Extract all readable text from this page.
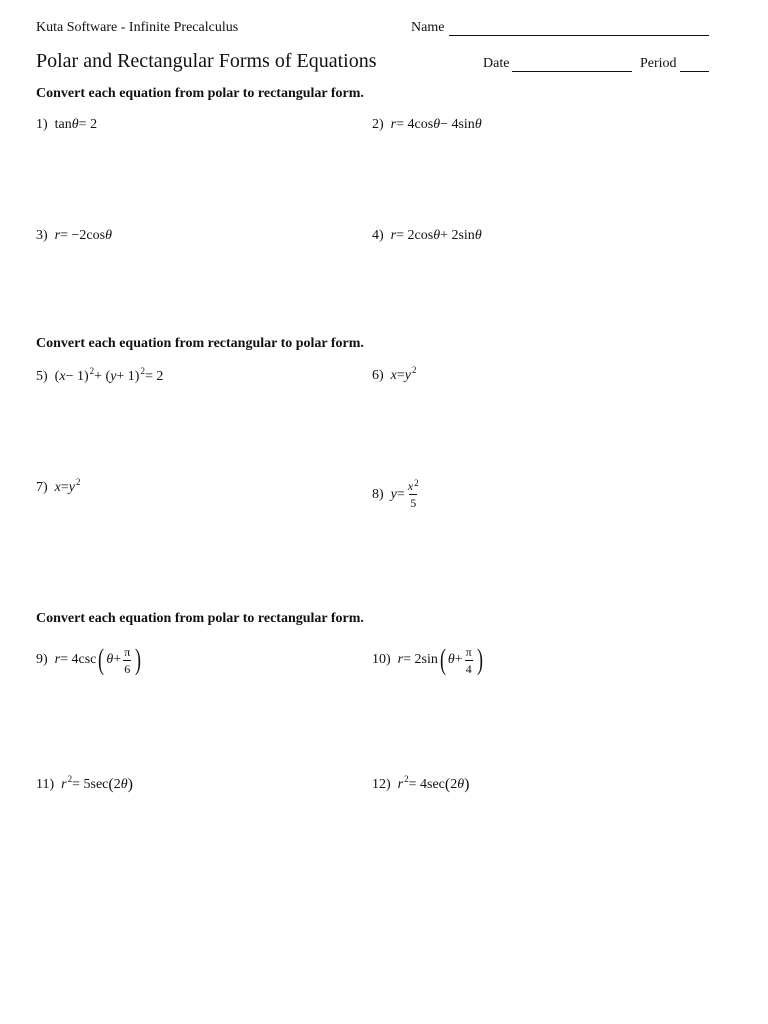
Kuta Software - Infinite Precalculus	Name
Polar and Rectangular Forms of Equations	Date	Period
Convert each equation from polar to rectangular form.
1) tan θ = 2	2) r = 4cos θ − 4sin θ
3) r = −2cos θ	4) r = 2cos θ + 2sin θ
Convert each equation from rectangular to polar form.
5) ( x − 1) 2 + ( y + 1) 2 = 2	6) x = y 2
7) x = y 2
8) $y = \frac{x^2}{5}$
Convert each equation from polar to rectangular form.
9) r = 4csc ( $\theta + \frac{\pi}{6}$ )	10) r = 2sin ( $\theta + \frac{\pi}{4}$ )
11) r 2 = 5sec ( 2 θ )	12) r 2 = 4sec ( 2 θ )
